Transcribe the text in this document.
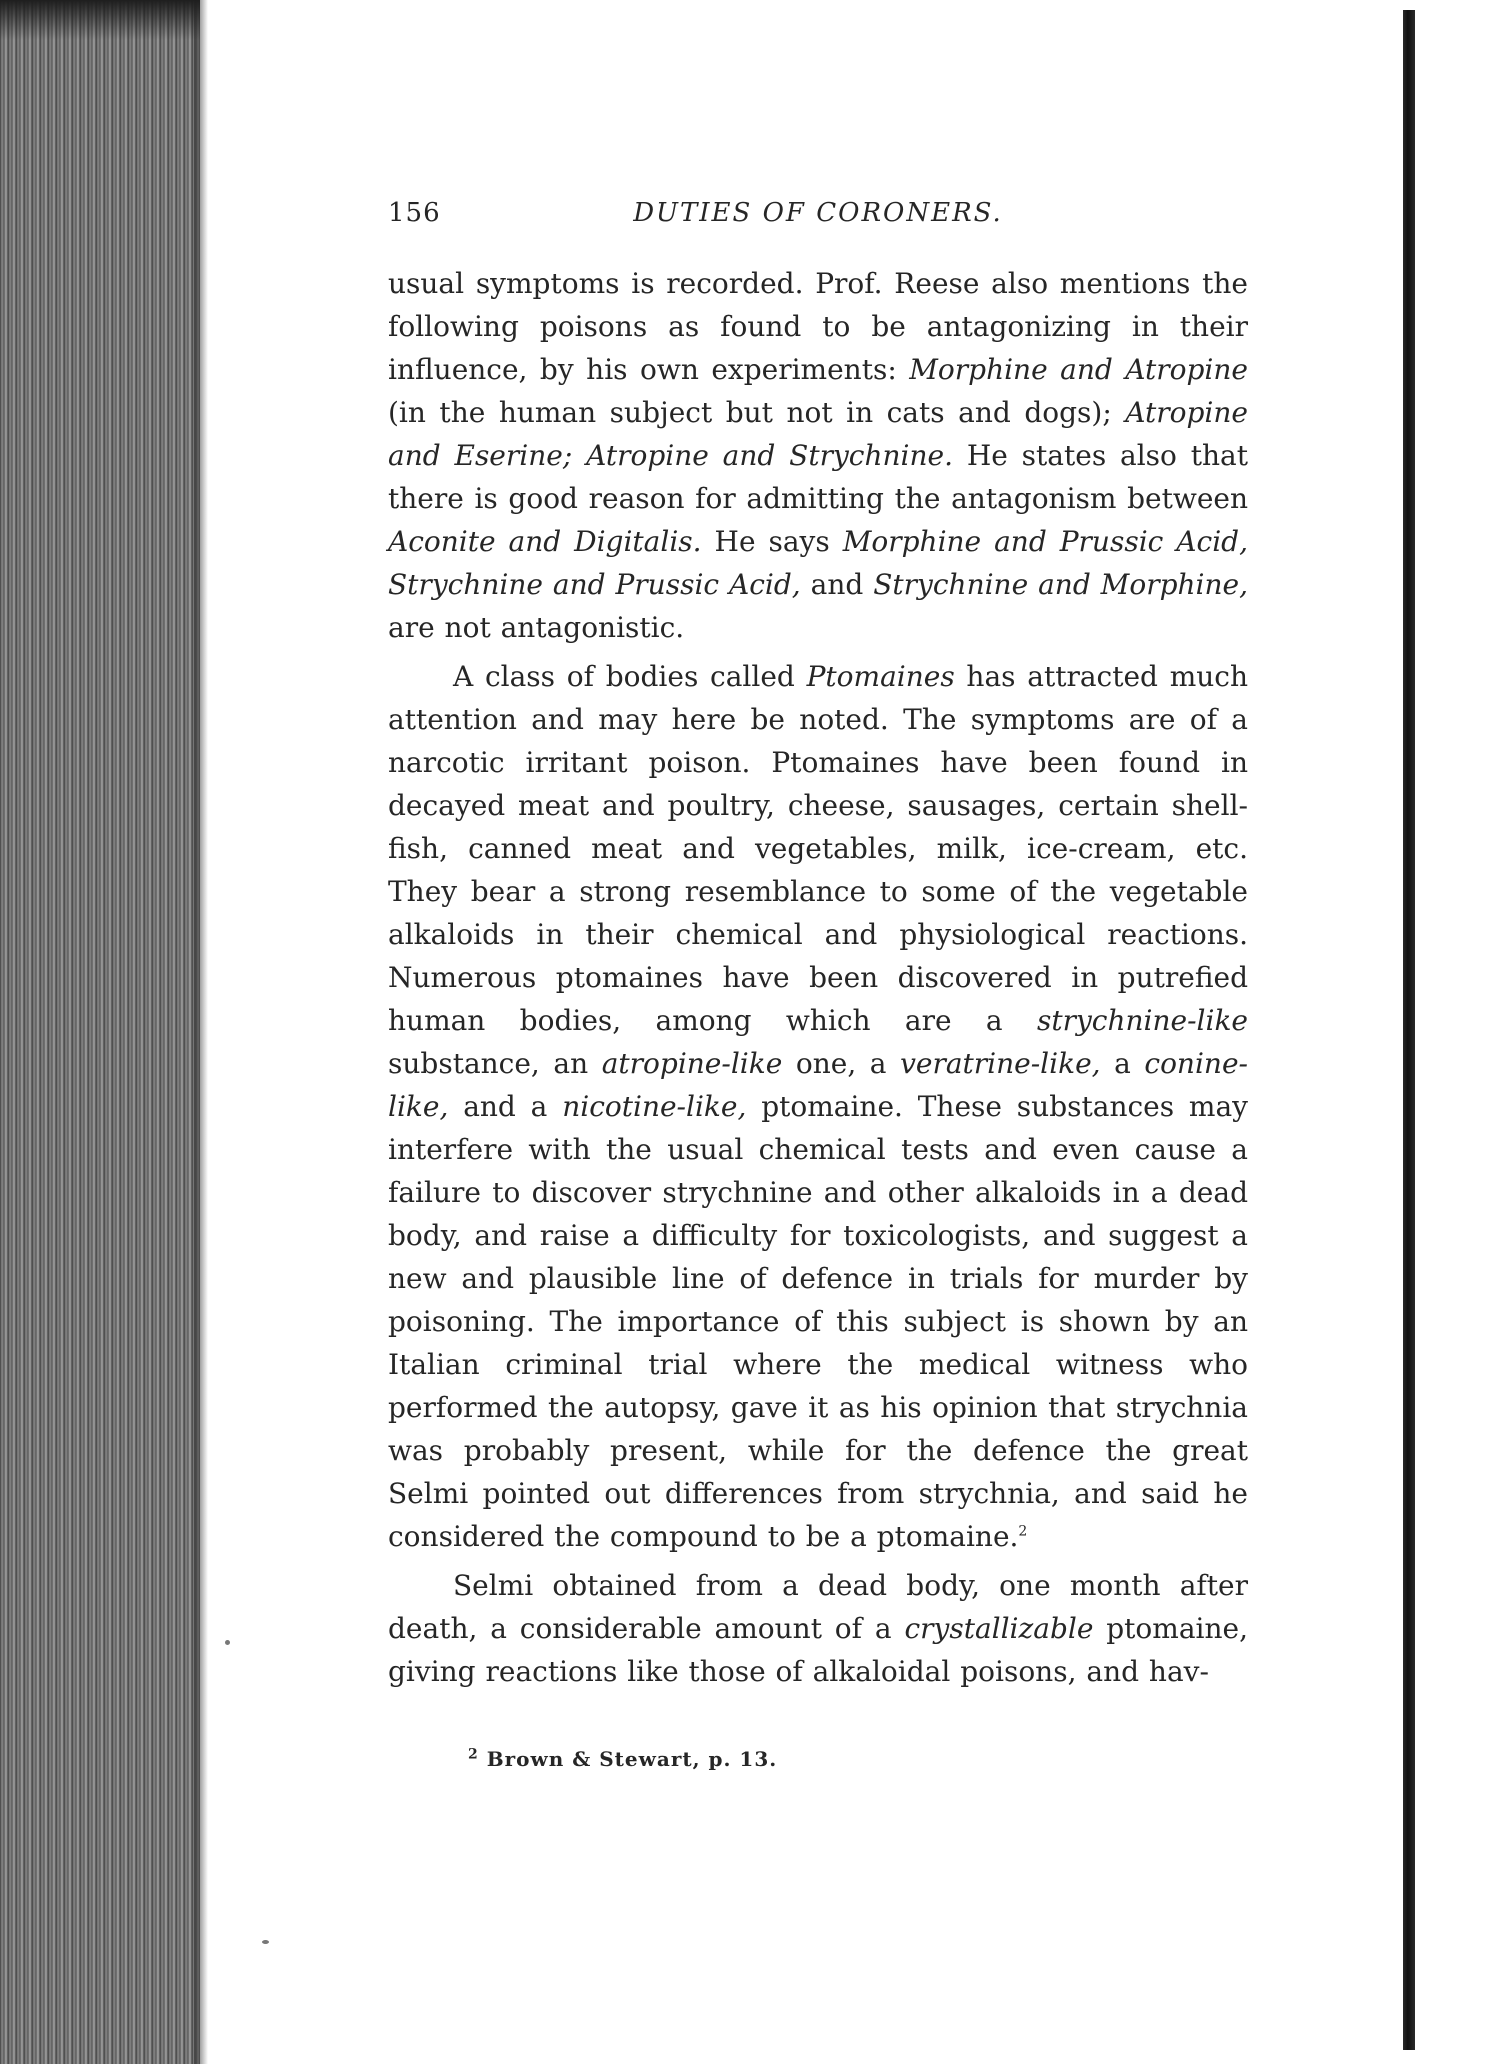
156	DUTIES OF CORONERS.

usual symptoms is recorded. Prof. Reese also mentions the following poisons as found to be antagonizing in their influence, by his own experiments: Morphine and Atropine (in the human subject but not in cats and dogs); Atropine and Eserine; Atropine and Strychnine. He states also that there is good reason for admitting the antagonism between Aconite and Digitalis. He says Morphine and Prussic Acid, Strychnine and Prussic Acid, and Strychnine and Morphine, are not antagonistic.

A class of bodies called Ptomaines has attracted much attention and may here be noted. The symptoms are of a narcotic irritant poison. Ptomaines have been found in decayed meat and poultry, cheese, sausages, certain shell-fish, canned meat and vegetables, milk, ice-cream, etc. They bear a strong resemblance to some of the vegetable alkaloids in their chemical and physiological reactions. Numerous ptomaines have been discovered in putrefied human bodies, among which are a strychnine-like substance, an atropine-like one, a veratrine-like, a conine-like, and a nicotine-like, ptomaine. These substances may interfere with the usual chemical tests and even cause a failure to discover strychnine and other alkaloids in a dead body, and raise a difficulty for toxicologists, and suggest a new and plausible line of defence in trials for murder by poisoning. The importance of this subject is shown by an Italian criminal trial where the medical witness who performed the autopsy, gave it as his opinion that strychnia was probably present, while for the defence the great Selmi pointed out differences from strychnia, and said he considered the compound to be a ptomaine.$^2$

Selmi obtained from a dead body, one month after death, a considerable amount of a crystallizable ptomaine, giving reactions like those of alkaloidal poisons, and hav-

$^2$ Brown & Stewart, p. 13.
